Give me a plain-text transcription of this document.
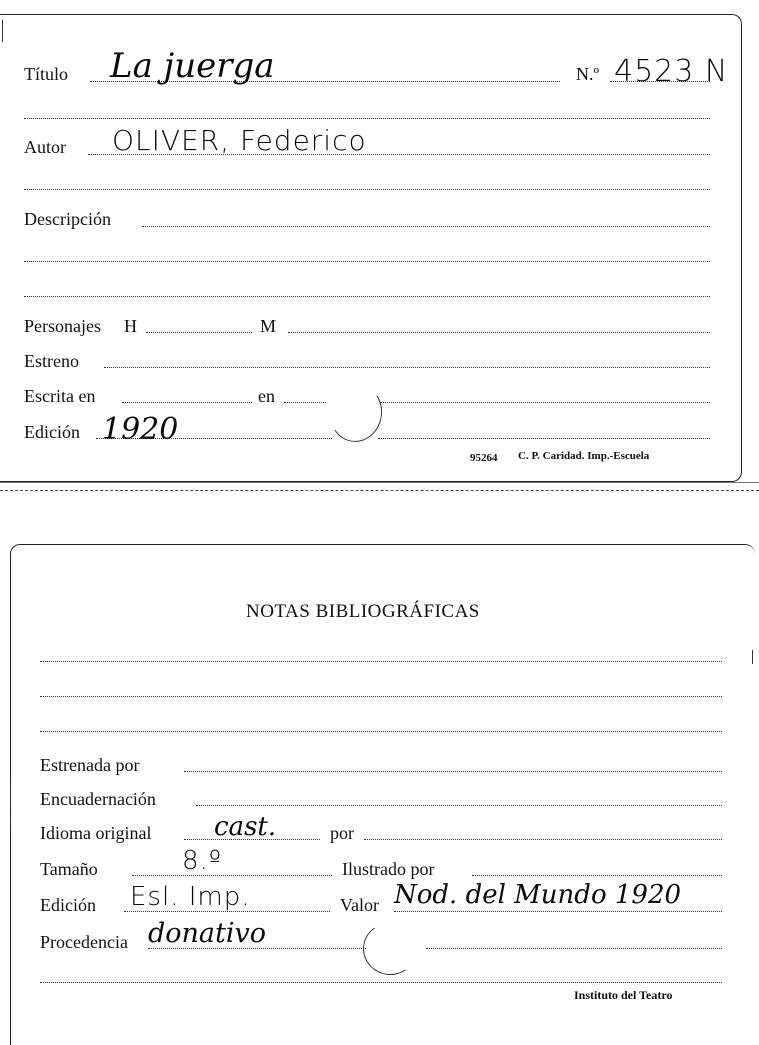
Título La juerga	N.º 4523 N
Autor OLIVER, Federico
Descripción
Personajes H	M
Estreno
Escrita en	en
Edición 1920
95264 C. P. Caridad. Imp.-Escuela
NOTAS BIBLIOGRÁFICAS
Estrenada por
Encuadernación
Idioma original cast.	por
Tamaño	8.º	Ilustrado por
Edición Esl. Imp.	Valor Nod. del Mundo 1920
Procedencia donativo
Instituto del Teatro
